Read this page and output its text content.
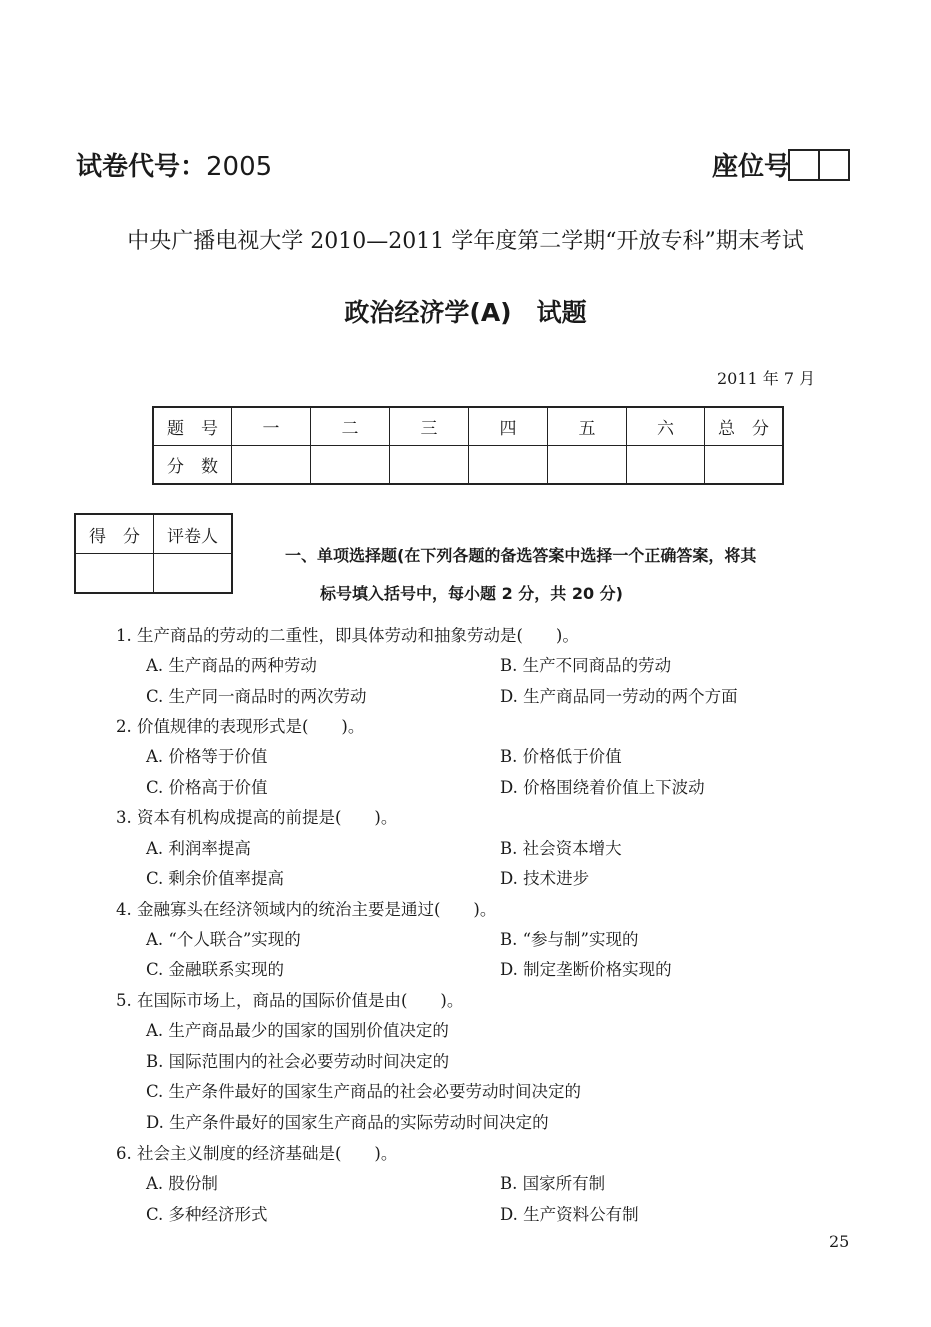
试卷代号：2005	座位号
中央广播电视大学 2010—2011 学年度第二学期“开放专科”期末考试
政治经济学(A)　试题
2011 年 7 月
题　号	一	二	三	四	五	六	总　分
分　数							
得　分	评卷人

一、单项选择题(在下列各题的备选答案中选择一个正确答案，将其
标号填入括号中，每小题 2 分，共 20 分)
1. 生产商品的劳动的二重性，即具体劳动和抽象劳动是(　　)。
A. 生产商品的两种劳动	B. 生产不同商品的劳动
C. 生产同一商品时的两次劳动	D. 生产商品同一劳动的两个方面
2. 价值规律的表现形式是(　　)。
A. 价格等于价值	B. 价格低于价值
C. 价格高于价值	D. 价格围绕着价值上下波动
3. 资本有机构成提高的前提是(　　)。
A. 利润率提高	B. 社会资本增大
C. 剩余价值率提高	D. 技术进步
4. 金融寡头在经济领域内的统治主要是通过(　　)。
A. “个人联合”实现的	B. “参与制”实现的
C. 金融联系实现的	D. 制定垄断价格实现的
5. 在国际市场上，商品的国际价值是由(　　)。
A. 生产商品最少的国家的国别价值决定的
B. 国际范围内的社会必要劳动时间决定的
C. 生产条件最好的国家生产商品的社会必要劳动时间决定的
D. 生产条件最好的国家生产商品的实际劳动时间决定的
6. 社会主义制度的经济基础是(　　)。
A. 股份制	B. 国家所有制
C. 多种经济形式	D. 生产资料公有制
25
